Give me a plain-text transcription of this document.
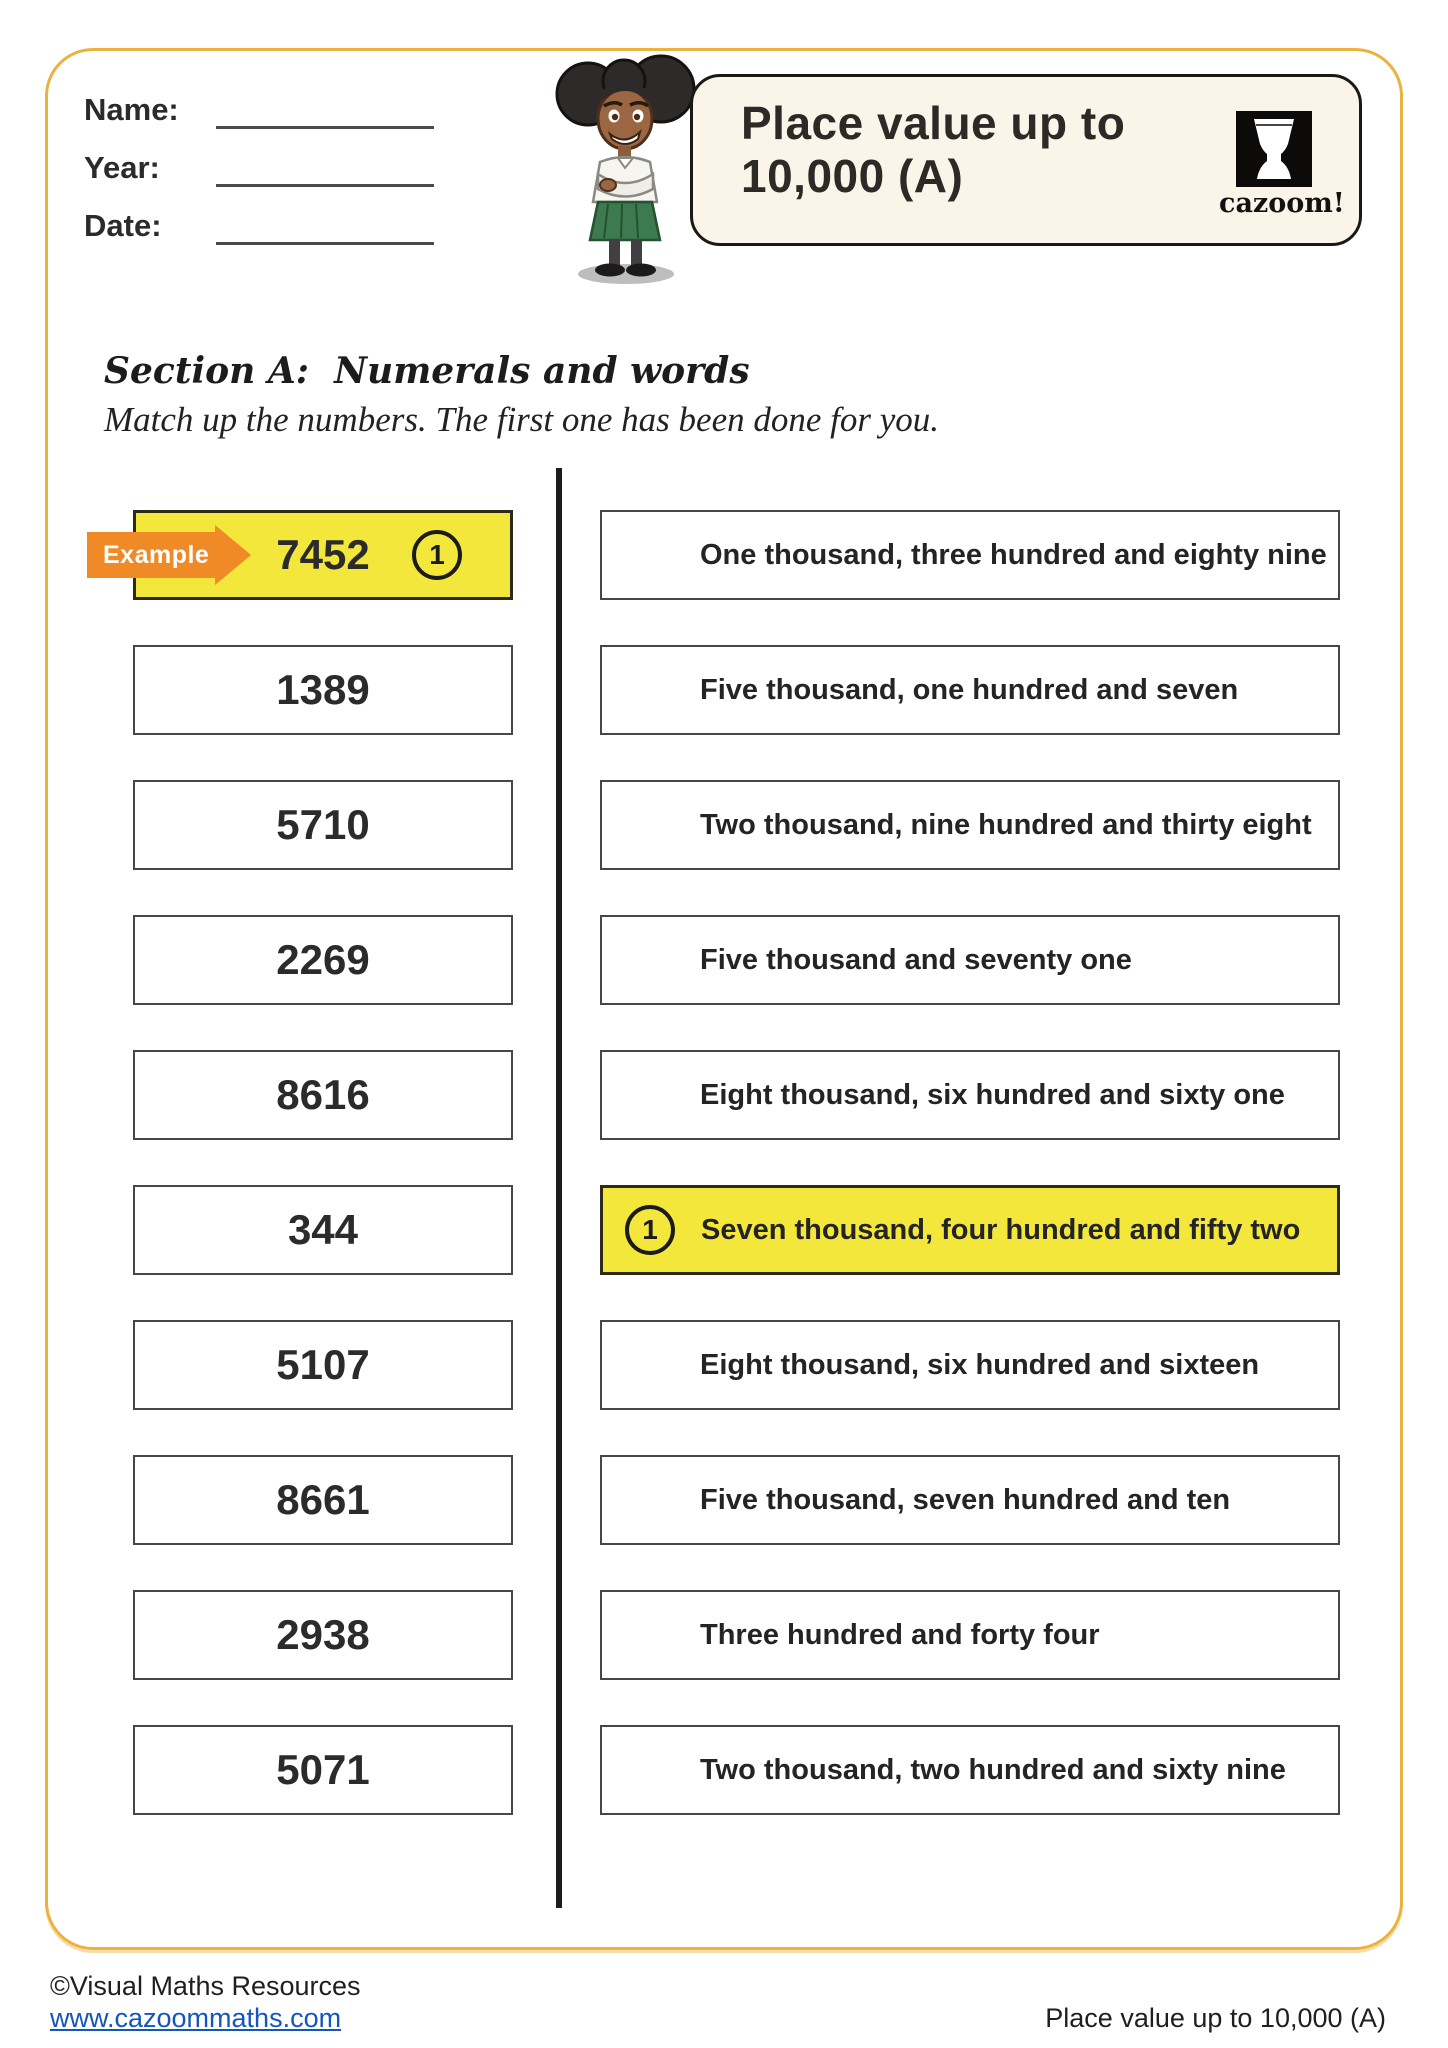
Name:
Year:
Date:
Place value up to
10,000 (A)
cazoom!
Section A:  Numerals and words
Match up the numbers. The first one has been done for you.
Example 7452	1
1389
5710
2269
8616
344
5107
8661
2938
5071
One thousand, three hundred and eighty nine
Five thousand, one hundred and seven
Two thousand, nine hundred and thirty eight
Five thousand and seventy one
Eight thousand, six hundred and sixty one
1	Seven thousand, four hundred and fifty two
Eight thousand, six hundred and sixteen
Five thousand, seven hundred and ten
Three hundred and forty four
Two thousand, two hundred and sixty nine
©Visual Maths Resources
www.cazoommaths.com	Place value up to 10,000 (A)
